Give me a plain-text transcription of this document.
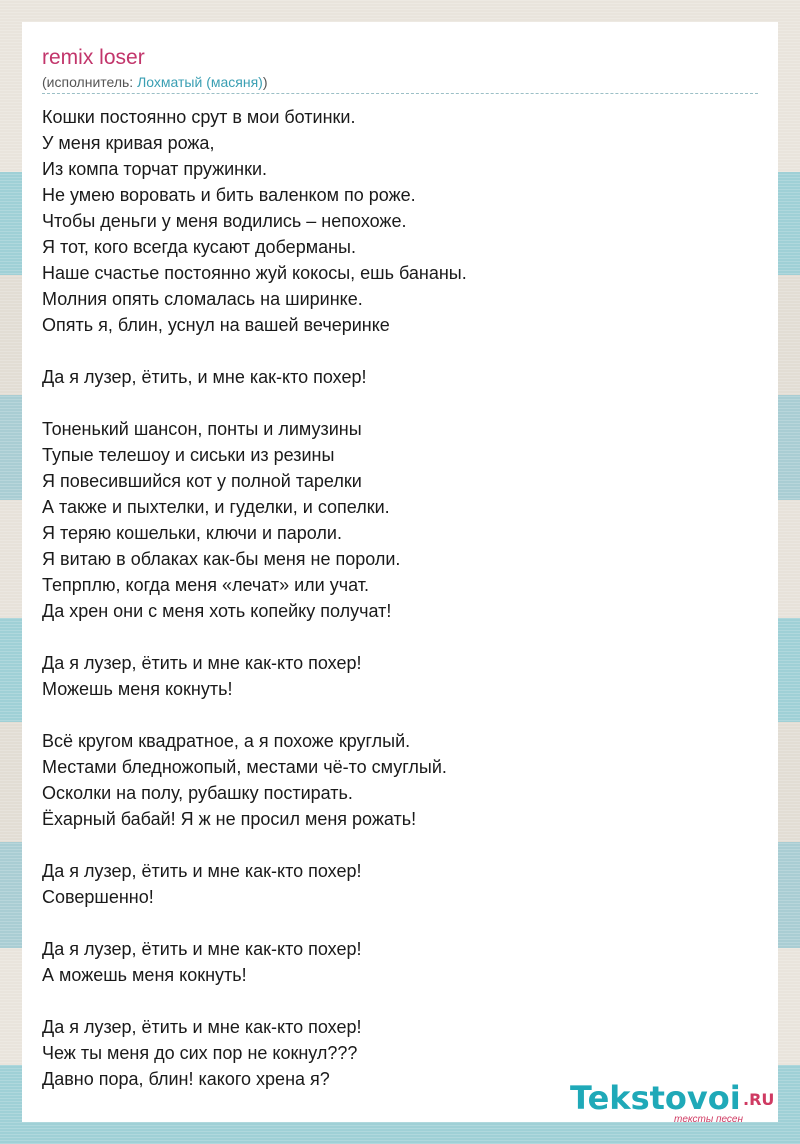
remix loser
(исполнитель: Лохматый (масяня))
Кошки постоянно срут в мои ботинки.
У меня кривая рожа,
Из компа торчат пружинки.
Не умею воровать и бить валенком по роже.
Чтобы деньги у меня водились – непохоже.
Я тот, кого всегда кусают доберманы.
Наше счастье постоянно жуй кокосы, ешь бананы.
Молния опять сломалась на ширинке.
Опять я, блин, уснул на вашей вечеринке
Да я лузер, ётить, и мне как-кто похер!
Тоненький шансон, понты и лимузины
Тупые телешоу и сиськи из резины
Я повесившийся кот у полной тарелки
А также и пыхтелки, и гуделки, и сопелки.
Я теряю кошельки, ключи и пароли.
Я витаю в облаках как-бы меня не пороли.
Тепрплю, когда меня «лечат» или учат.
Да хрен они с меня хоть копейку получат!
Да я лузер, ётить и мне как-кто похер!
Можешь меня кокнуть!
Всё кругом квадратное, а я похоже круглый.
Местами бледножопый, местами чё-то смуглый.
Осколки на полу, рубашку постирать.
Ёхарный бабай! Я ж не просил меня рожать!
Да я лузер, ётить и мне как-кто похер!
Совершенно!
Да я лузер, ётить и мне как-кто похер!
А можешь меня кокнуть!
Да я лузер, ётить и мне как-кто похер!
Чеж ты меня до сих пор не кокнул???
Давно пора, блин! какого хрена я?	Tekstovoi .RU
тексты песен
